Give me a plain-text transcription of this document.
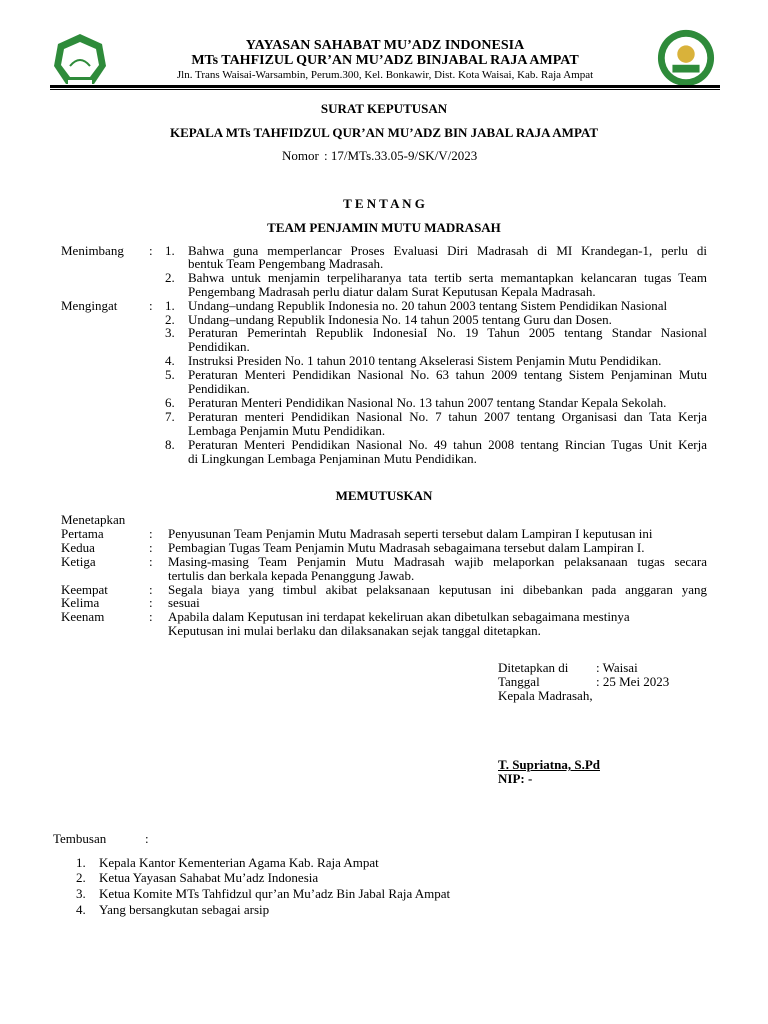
YAYASAN SAHABAT MU’ADZ INDONESIA
MTs TAHFIZUL QUR’AN MU’ADZ BINJABAL RAJA AMPAT
Jln. Trans Waisai-Warsambin, Perum.300, Kel. Bonkawir, Dist. Kota Waisai, Kab. Raja Ampat
SURAT KEPUTUSAN
KEPALA MTs TAHFIDZUL QUR’AN MU’ADZ BIN JABAL RAJA AMPAT
Nomor : 17/MTs.33.05-9/SK/V/2023
T E N T A N G
TEAM PENJAMIN MUTU MADRASAH
Menimbang : 1. Bahwa guna memperlancar Proses Evaluasi Diri Madrasah di MI Krandegan-1, perlu di
bentuk Team Pengembang Madrasah.
2. Bahwa untuk menjamin terpeliharanya tata tertib serta memantapkan kelancaran tugas Team
Pengembang Madrasah perlu diatur dalam Surat Keputusan Kepala Madrasah.
Mengingat : 1. Undang–undang Republik Indonesia no. 20 tahun 2003 tentang Sistem Pendidikan Nasional
2. Undang–undang Republik Indonesia No. 14 tahun 2005 tentang Guru dan Dosen.
3. Peraturan Pemerintah Republik IndonesiaI No. 19 Tahun 2005 tentang Standar Nasional
Pendidikan.
4. Instruksi Presiden No. 1 tahun 2010 tentang Akselerasi Sistem Penjamin Mutu Pendidikan.
5. Peraturan Menteri Pendidikan Nasional No. 63 tahun 2009 tentang Sistem Penjaminan Mutu
Pendidikan.
6. Peraturan Menteri Pendidikan Nasional No. 13 tahun 2007 tentang Standar Kepala Sekolah.
7. Peraturan menteri Pendidikan Nasional No. 7 tahun 2007 tentang Organisasi dan Tata Kerja
Lembaga Penjamin Mutu Pendidikan.
8. Peraturan Menteri Pendidikan Nasional No. 49 tahun 2008 tentang Rincian Tugas Unit Kerja
di Lingkungan Lembaga Penjaminan Mutu Pendidikan.
MEMUTUSKAN
Menetapkan
Pertama	: Penyusunan Team Penjamin Mutu Madrasah seperti tersebut dalam Lampiran I keputusan ini
Kedua	: Pembagian Tugas Team Penjamin Mutu Madrasah sebagaimana tersebut dalam Lampiran I.
Ketiga	: Masing-masing Team Penjamin Mutu Madrasah wajib melaporkan pelaksanaan tugas secara
tertulis dan berkala kepada Penanggung Jawab.
Keempat	: Segala biaya yang timbul akibat pelaksanaan keputusan ini dibebankan pada anggaran yang
Kelima	: sesuai
Keenam	: Apabila dalam Keputusan ini terdapat kekeliruan akan dibetulkan sebagaimana mestinya
Keputusan ini mulai berlaku dan dilaksanakan sejak tanggal ditetapkan.
Ditetapkan di : Waisai
Tanggal	: 25 Mei 2023
Kepala Madrasah,
T. Supriatna, S.Pd
NIP: -
Tembusan	:
1. Kepala Kantor Kementerian Agama Kab. Raja Ampat
2. Ketua Yayasan Sahabat Mu’adz Indonesia
3. Ketua Komite MTs Tahfidzul qur’an Mu’adz Bin Jabal Raja Ampat
4. Yang bersangkutan sebagai arsip
